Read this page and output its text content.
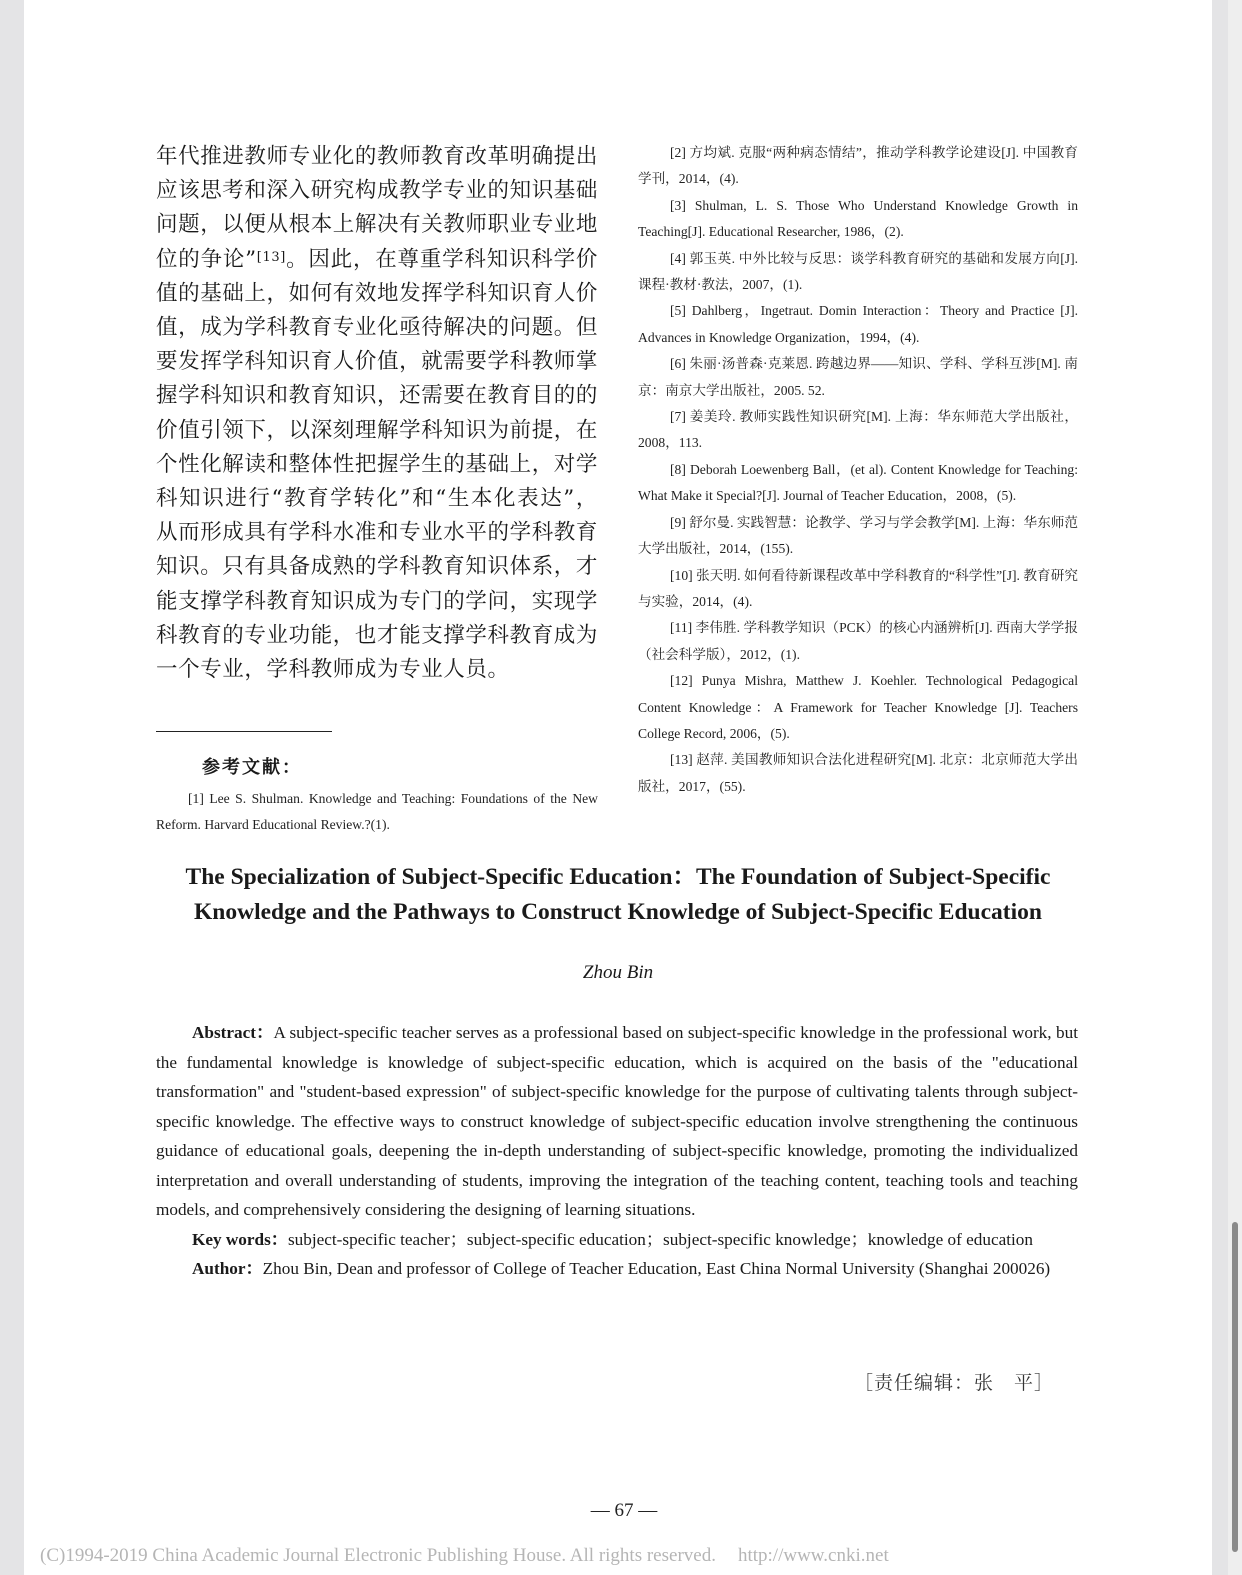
年代推进教师专业化的教师教育改革明确提出应该思考和深入研究构成教学专业的知识基础问题，以便从根本上解决有关教师职业专业地位的争论”[13]。因此，在尊重学科知识科学价值的基础上，如何有效地发挥学科知识育人价值，成为学科教育专业化亟待解决的问题。但要发挥学科知识育人价值，就需要学科教师掌握学科知识和教育知识，还需要在教育目的的价值引领下，以深刻理解学科知识为前提，在个性化解读和整体性把握学生的基础上，对学科知识进行“教育学转化”和“生本化表达”，从而形成具有学科水准和专业水平的学科教育知识。只有具备成熟的学科教育知识体系，才能支撑学科教育知识成为专门的学问，实现学科教育的专业功能，也才能支撑学科教育成为一个专业，学科教师成为专业人员。

参考文献：

[1] Lee S. Shulman. Knowledge and Teaching: Foundations of the New Reform. Harvard Educational Review.?(1).

[2] 方均斌. 克服“两种病态情结”，推动学科教学论建设[J]. 中国教育学刊，2014，(4).

[3] Shulman, L. S. Those Who Understand Knowledge Growth in Teaching[J]. Educational Researcher, 1986，(2).

[4] 郭玉英. 中外比较与反思：谈学科教育研究的基础和发展方向[J]. 课程·教材·教法，2007，(1).

[5] Dahlberg，Ingetraut. Domin Interaction：Theory and Practice [J]. Advances in Knowledge Organization，1994，(4).

[6] 朱丽·汤普森·克莱恩. 跨越边界——知识、学科、学科互涉[M]. 南京：南京大学出版社，2005. 52.

[7] 姜美玲. 教师实践性知识研究[M]. 上海：华东师范大学出版社，2008，113.

[8] Deborah Loewenberg Ball，(et al). Content Knowledge for Teaching: What Make it Special?[J]. Journal of Teacher Education，2008，(5).

[9] 舒尔曼. 实践智慧：论教学、学习与学会教学[M]. 上海：华东师范大学出版社，2014，(155).

[10] 张天明. 如何看待新课程改革中学科教育的“科学性”[J]. 教育研究与实验，2014，(4).

[11] 李伟胜. 学科教学知识（PCK）的核心内涵辨析[J]. 西南大学学报（社会科学版），2012，(1).

[12] Punya Mishra, Matthew J. Koehler. Technological Pedagogical Content Knowledge：A Framework for Teacher Knowledge [J]. Teachers College Record, 2006，(5).

[13] 赵萍. 美国教师知识合法化进程研究[M]. 北京：北京师范大学出版社，2017，(55).

The Specialization of Subject-Specific Education：The Foundation of Subject-Specific Knowledge and the Pathways to Construct Knowledge of Subject-Specific Education
Zhou Bin

Abstract：A subject-specific teacher serves as a professional based on subject-specific knowledge in the professional work, but the fundamental knowledge is knowledge of subject-specific education, which is acquired on the basis of the "educational transformation" and "student-based expression" of subject-specific knowledge for the purpose of cultivating talents through subject-specific knowledge. The effective ways to construct knowledge of subject-specific education involve strengthening the continuous guidance of educational goals, deepening the in-depth understanding of subject-specific knowledge, promoting the individualized interpretation and overall understanding of students, improving the integration of the teaching content, teaching tools and teaching models, and comprehensively considering the designing of learning situations.

Key words：subject-specific teacher；subject-specific education；subject-specific knowledge；knowledge of education

Author：Zhou Bin, Dean and professor of College of Teacher Education, East China Normal University (Shanghai 200026)

［责任编辑：张　平］
— 67 —
(C)1994-2019 China Academic Journal Electronic Publishing House. All rights reserved. http://www.cnki.net
